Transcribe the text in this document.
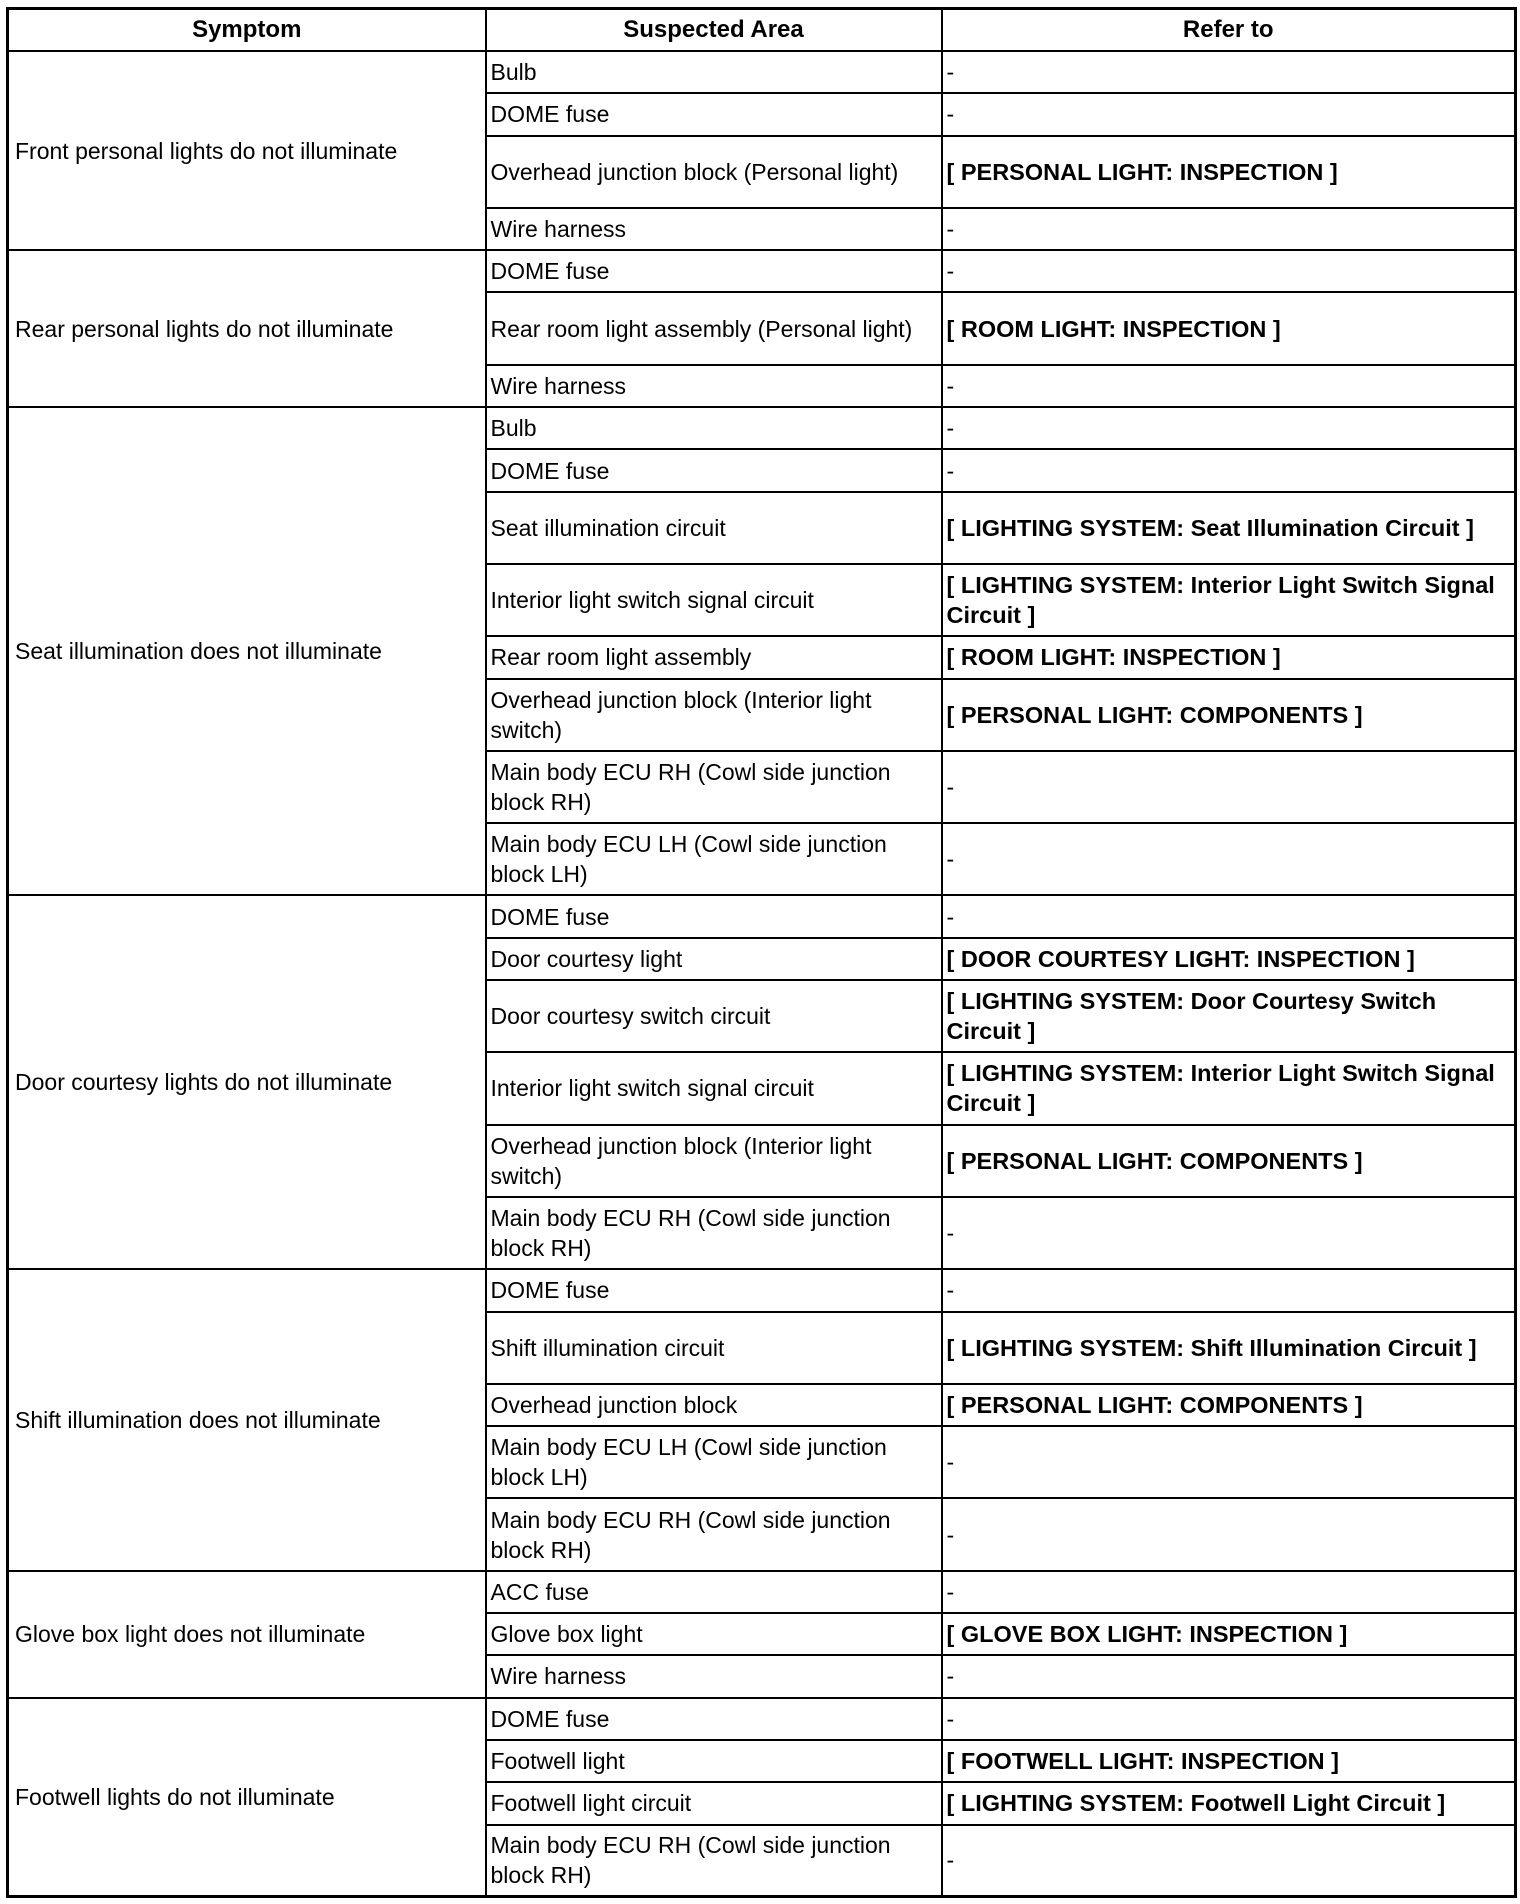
Symptom	Suspected Area	Refer to
Front personal lights do not illuminate	Bulb	-
	DOME fuse	-
	Overhead junction block (Personal light)	[ PERSONAL LIGHT: INSPECTION ]
	Wire harness	-
Rear personal lights do not illuminate	DOME fuse	-
	Rear room light assembly (Personal light)	[ ROOM LIGHT: INSPECTION ]
	Wire harness	-
Seat illumination does not illuminate	Bulb	-
	DOME fuse	-
	Seat illumination circuit	[ LIGHTING SYSTEM: Seat Illumination Circuit ]
	Interior light switch signal circuit	[ LIGHTING SYSTEM: Interior Light Switch Signal Circuit ]
	Rear room light assembly	[ ROOM LIGHT: INSPECTION ]
	Overhead junction block (Interior light switch)	[ PERSONAL LIGHT: COMPONENTS ]
	Main body ECU RH (Cowl side junction block RH)	-
	Main body ECU LH (Cowl side junction block LH)	-
Door courtesy lights do not illuminate	DOME fuse	-
	Door courtesy light	[ DOOR COURTESY LIGHT: INSPECTION ]
	Door courtesy switch circuit	[ LIGHTING SYSTEM: Door Courtesy Switch Circuit ]
	Interior light switch signal circuit	[ LIGHTING SYSTEM: Interior Light Switch Signal Circuit ]
	Overhead junction block (Interior light switch)	[ PERSONAL LIGHT: COMPONENTS ]
	Main body ECU RH (Cowl side junction block RH)	-
Shift illumination does not illuminate	DOME fuse	-
	Shift illumination circuit	[ LIGHTING SYSTEM: Shift Illumination Circuit ]
	Overhead junction block	[ PERSONAL LIGHT: COMPONENTS ]
	Main body ECU LH (Cowl side junction block LH)	-
	Main body ECU RH (Cowl side junction block RH)	-
Glove box light does not illuminate	ACC fuse	-
	Glove box light	[ GLOVE BOX LIGHT: INSPECTION ]
	Wire harness	-
Footwell lights do not illuminate	DOME fuse	-
	Footwell light	[ FOOTWELL LIGHT: INSPECTION ]
	Footwell light circuit	[ LIGHTING SYSTEM: Footwell Light Circuit ]
	Main body ECU RH (Cowl side junction block RH)	-
